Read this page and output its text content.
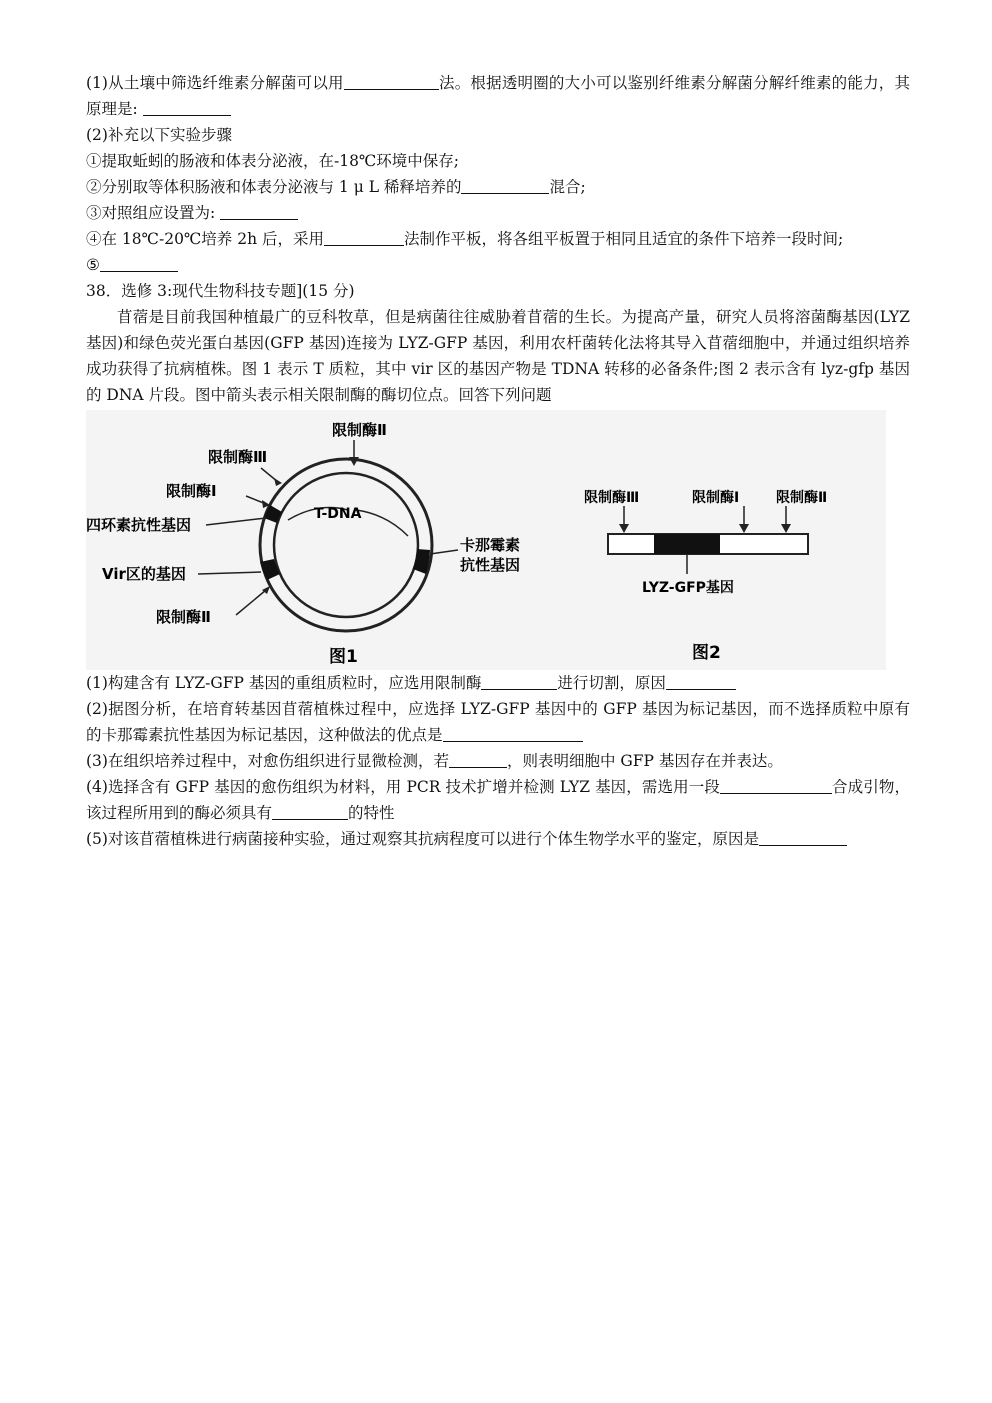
(1)从土壤中筛选纤维素分解菌可以用	法。根据透明圈的大小可以鉴别纤维素分解菌分解纤维素的能力，其原理是:

(2)补充以下实验步骤

①提取蚯蚓的肠液和体表分泌液，在-18℃环境中保存;

②分别取等体积肠液和体表分泌液与 1 μ L 稀释培养的	混合;

③对照组应设置为:

④在 18℃-20℃培养 2h 后，采用	法制作平板，将各组平板置于相同且适宜的条件下培养一段时间;

⑤

38．选修 3:现代生物科技专题](15 分)

苜蓿是目前我国种植最广的豆科牧草，但是病菌往往威胁着苜蓿的生长。为提高产量，研究人员将溶菌酶基因(LYZ 基因)和绿色荧光蛋白基因(GFP 基因)连接为 LYZ-GFP 基因，利用农杆菌转化法将其导入苜蓿细胞中，并通过组织培养成功获得了抗病植株。图 1 表示 T 质粒，其中 vir 区的基因产物是 TDNA 转移的必备条件;图 2 表示含有 lyz-gfp 基因的 DNA 片段。图中箭头表示相关限制酶的酶切位点。回答下列问题

T-DNA
限制酶Ⅱ
限制酶Ⅲ
限制酶Ⅰ
四环素抗性基因
Vir区的基因
限制酶Ⅱ
卡那霉素
抗性基因
图1
限制酶Ⅲ	限制酶Ⅰ	限制酶Ⅱ
LYZ-GFP基因
图2

(1)构建含有 LYZ-GFP 基因的重组质粒时，应选用限制酶	进行切割，原因

(2)据图分析，在培育转基因苜蓿植株过程中，应选择 LYZ-GFP 基因中的 GFP 基因为标记基因，而不选择质粒中原有的卡那霉素抗性基因为标记基因，这种做法的优点是

(3)在组织培养过程中，对愈伤组织进行显微检测，若	，则表明细胞中 GFP 基因存在并表达。

(4)选择含有 GFP 基因的愈伤组织为材料，用 PCR 技术扩增并检测 LYZ 基因，需选用一段	合成引物，该过程所用到的酶必须具有	的特性

(5)对该苜蓿植株进行病菌接种实验，通过观察其抗病程度可以进行个体生物学水平的鉴定，原因是
